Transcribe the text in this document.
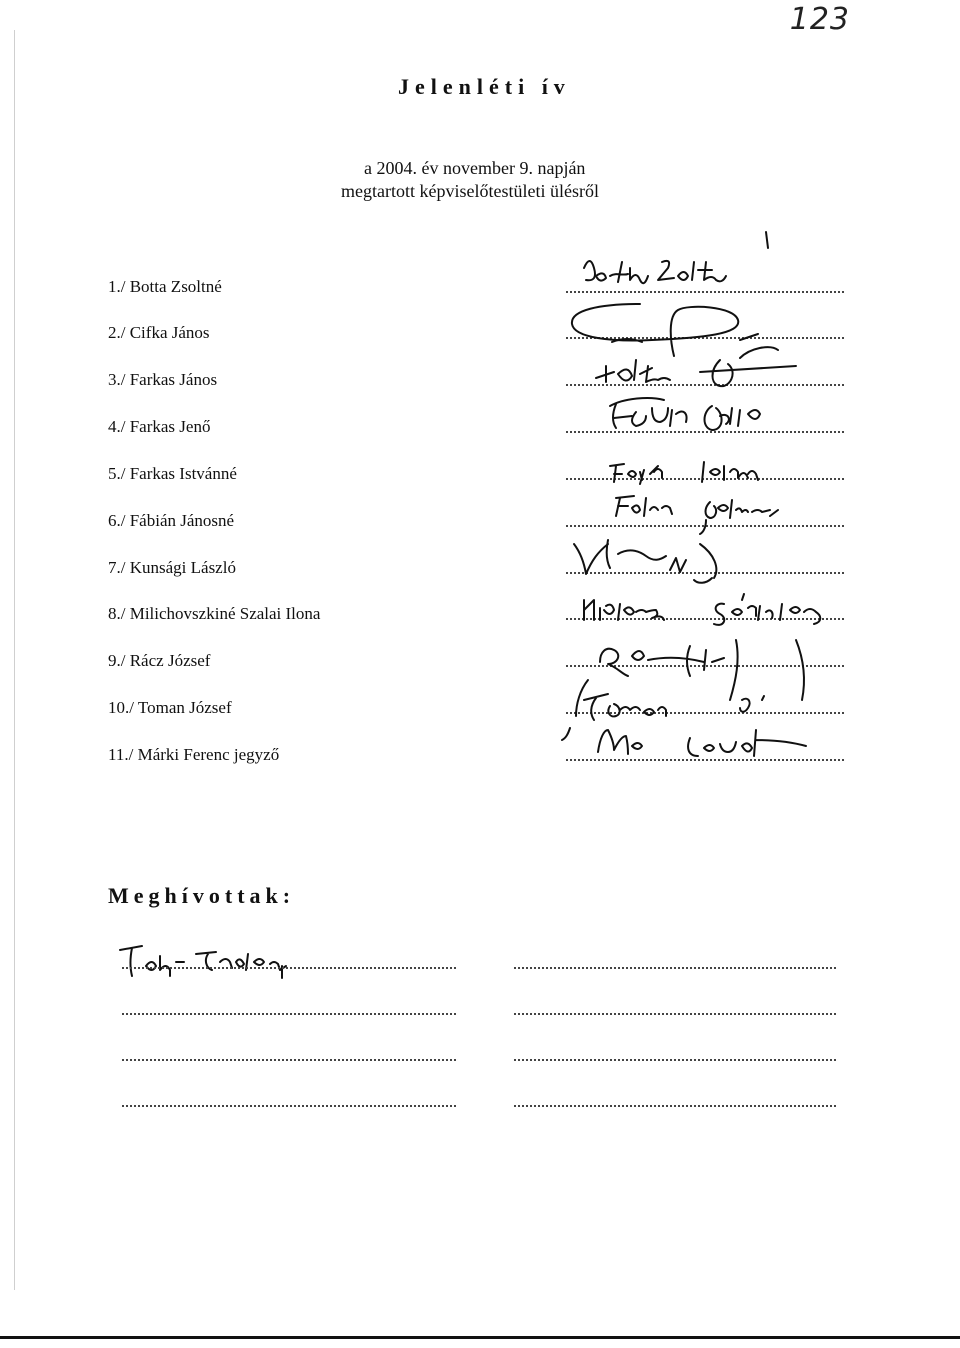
123
Jelenléti ív
a 2004. év november 9. napján
megtartott képviselőtestületi ülésről
1./ Botta Zsoltné
2./ Cifka János
3./ Farkas János
4./ Farkas Jenő
5./ Farkas Istvánné
6./ Fábián Jánosné
7./ Kunsági László
8./ Milichovszkiné Szalai Ilona
9./ Rácz József
10./ Toman József
11./ Márki Ferenc jegyző
Meghívottak:
